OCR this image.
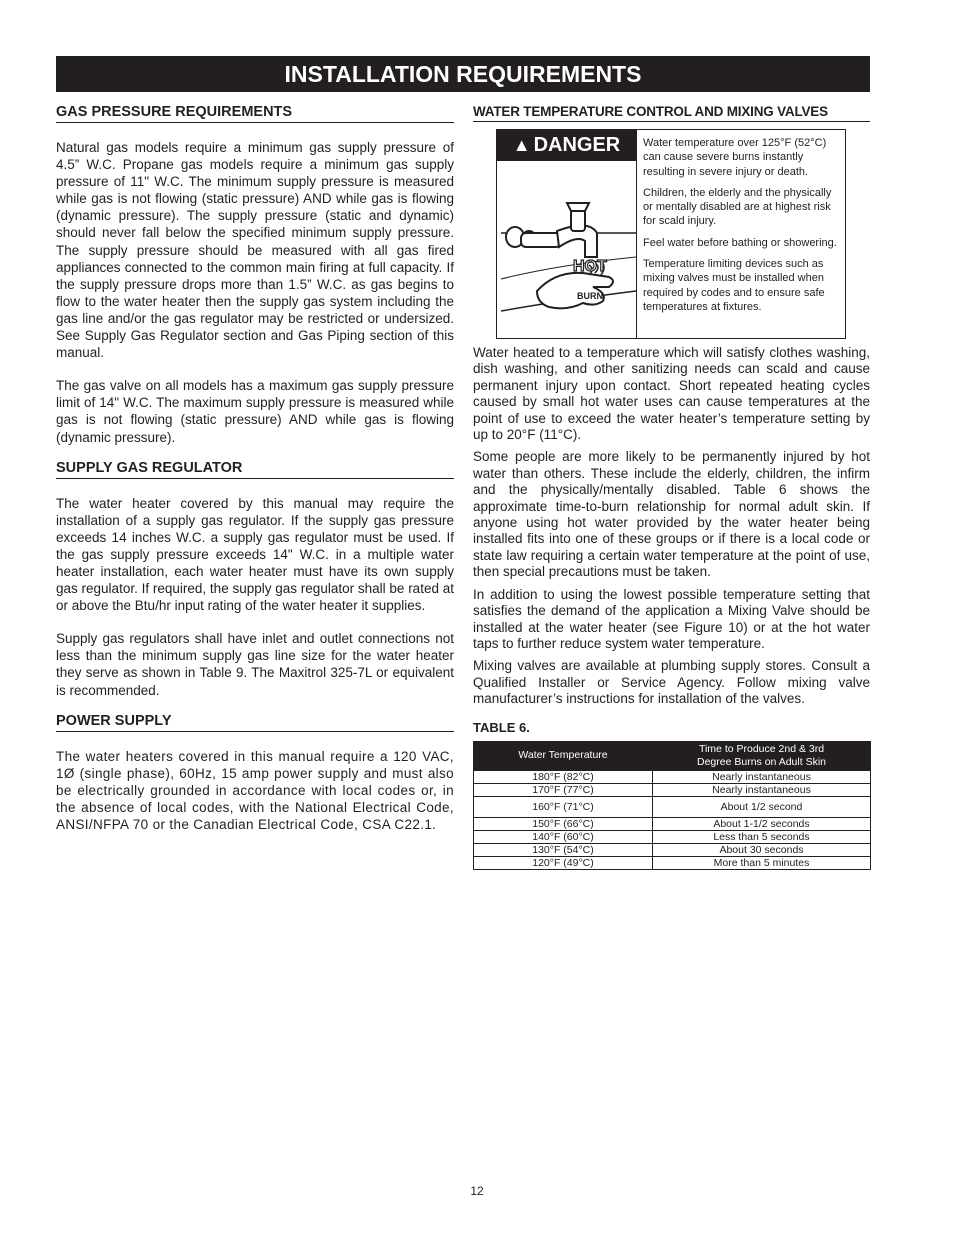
INSTALLATION REQUIREMENTS
GAS PRESSURE REQUIREMENTS

Natural gas models require a minimum gas supply pressure of 4.5” W.C. Propane gas models require a minimum gas supply pressure of 11" W.C. The minimum supply pressure is measured while gas is not flowing (static pressure) AND while gas is flowing (dynamic pressure). The supply pressure (static and dynamic) should never fall below the specified minimum supply pressure. The supply pressure should be measured with all gas fired appliances connected to the common main firing at full capacity. If the supply pressure drops more than 1.5” W.C. as gas begins to flow to the water heater then the supply gas system including the gas line and/or the gas regulator may be restricted or undersized. See Supply Gas Regulator section and Gas Piping section of this manual.

The gas valve on all models has a maximum gas supply pressure limit of 14" W.C. The maximum supply pressure is measured while gas is not flowing (static pressure) AND while gas is flowing (dynamic pressure).

SUPPLY GAS REGULATOR

The water heater covered by this manual may require the installation of a supply gas regulator. If the supply gas pressure exceeds 14 inches W.C. a supply gas regulator must be used. If the gas supply pressure exceeds 14" W.C. in a multiple water heater installation, each water heater must have its own supply gas regulator. If required, the supply gas regulator shall be rated at or above the Btu/hr input rating of the water heater it supplies.

Supply gas regulators shall have inlet and outlet connections not less than the minimum supply gas line size for the water heater they serve as shown in Table 9. The Maxitrol 325-7L or equivalent is recommended.

POWER SUPPLY

The water heaters covered in this manual require a 120 VAC, 1Ø (single phase), 60Hz, 15 amp power supply and must also be electrically grounded in accordance with local codes or, in the absence of local codes, with the National Electrical Code, ANSI/NFPA 70 or the Canadian Electrical Code, CSA C22.1.

WATER TEMPERATURE CONTROL AND MIXING VALVES
▲ DANGER
HOT
BURN

Water temperature over 125°F (52°C) can cause severe burns instantly resulting in severe injury or death.

Children, the elderly and the physically or mentally disabled are at highest risk for scald injury.

Feel water before bathing or showering.

Temperature limiting devices such as mixing valves must be installed when required by codes and to ensure safe temperatures at fixtures.

Water heated to a temperature which will satisfy clothes washing, dish washing, and other sanitizing needs can scald and cause permanent injury upon contact. Short repeated heating cycles caused by small hot water uses can cause temperatures at the point of use to exceed the water heater’s temperature setting by up to 20°F (11°C).

Some people are more likely to be permanently injured by hot water than others. These include the elderly, children, the infirm and the physically/mentally disabled. Table 6 shows the approximate time-to-burn relationship for normal adult skin. If anyone using hot water provided by the water heater being installed fits into one of these groups or if there is a local code or state law requiring a certain water temperature at the point of use, then special precautions must be taken.

In addition to using the lowest possible temperature setting that satisfies the demand of the application a Mixing Valve should be installed at the water heater (see Figure 10) or at the hot water taps to further reduce system water temperature.

Mixing valves are available at plumbing supply stores. Consult a Qualified Installer or Service Agency. Follow mixing valve manufacturer’s instructions for installation of the valves.

TABLE 6.
Water Temperature	Time to Produce 2nd & 3rd
Degree Burns on Adult Skin
180°F (82°C)	Nearly instantaneous
170°F (77°C)	Nearly instantaneous
160°F (71°C)	About 1/2 second
150°F (66°C)	About 1-1/2 seconds
140°F (60°C)	Less than 5 seconds
130°F (54°C)	About 30 seconds
120°F (49°C)	More than 5 minutes
12
